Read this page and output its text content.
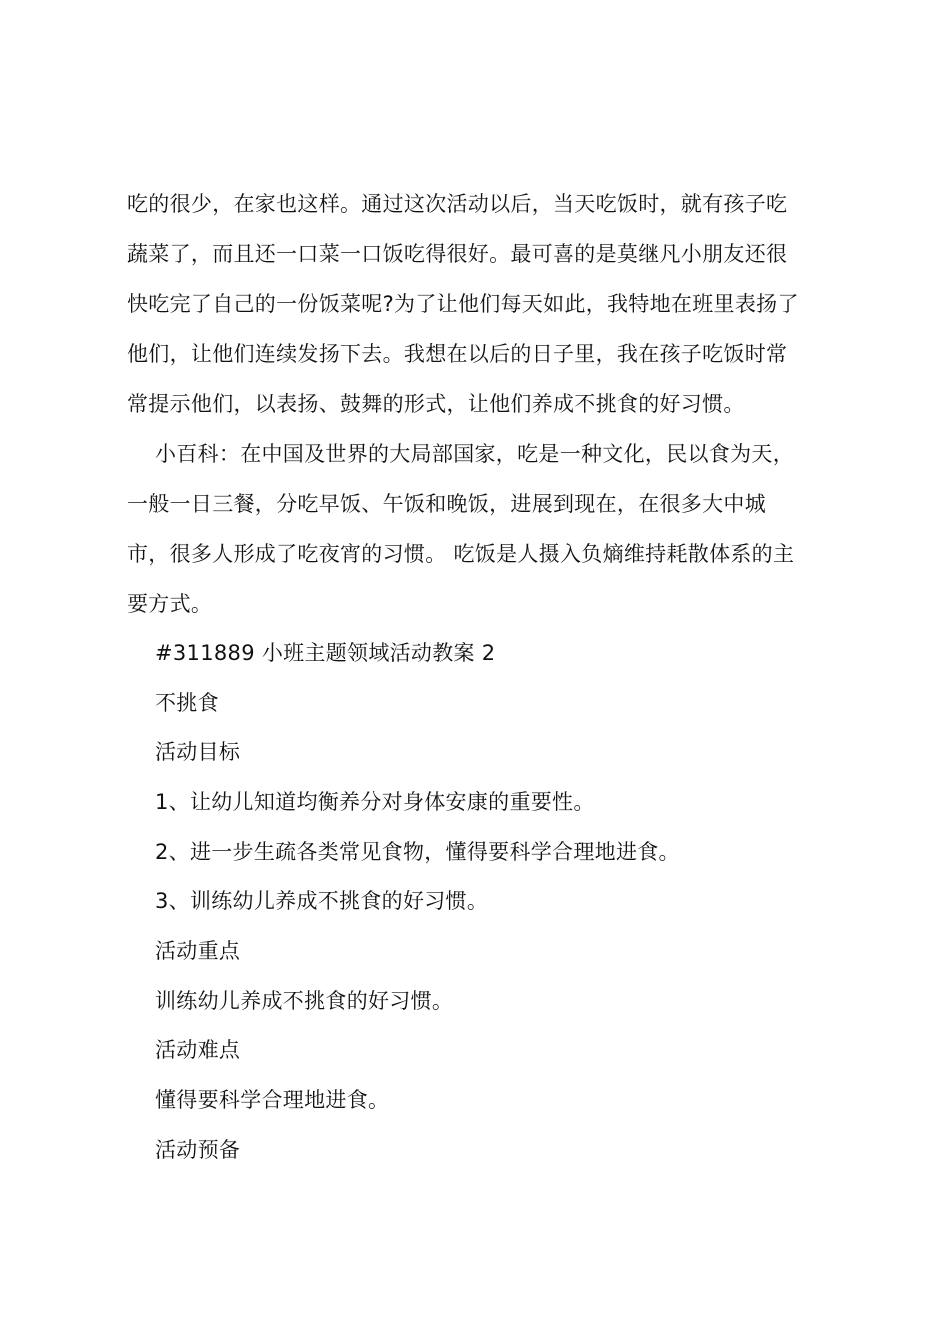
吃的很少，在家也这样。通过这次活动以后，当天吃饭时，就有孩子吃
蔬菜了，而且还一口菜一口饭吃得很好。最可喜的是莫继凡小朋友还很
快吃完了自己的一份饭菜呢?为了让他们每天如此，我特地在班里表扬了
他们，让他们连续发扬下去。我想在以后的日子里，我在孩子吃饭时常
常提示他们，以表扬、鼓舞的形式，让他们养成不挑食的好习惯。
小百科：在中国及世界的大局部国家，吃是一种文化，民以食为天，
一般一日三餐，分吃早饭、午饭和晚饭，进展到现在，在很多大中城
市，很多人形成了吃夜宵的习惯。 吃饭是人摄入负熵维持耗散体系的主
要方式。
#311889 小班主题领域活动教案 2
不挑食
活动目标
1、让幼儿知道均衡养分对身体安康的重要性。
2、进一步生疏各类常见食物，懂得要科学合理地进食。
3、训练幼儿养成不挑食的好习惯。
活动重点
训练幼儿养成不挑食的好习惯。
活动难点
懂得要科学合理地进食。
活动预备
